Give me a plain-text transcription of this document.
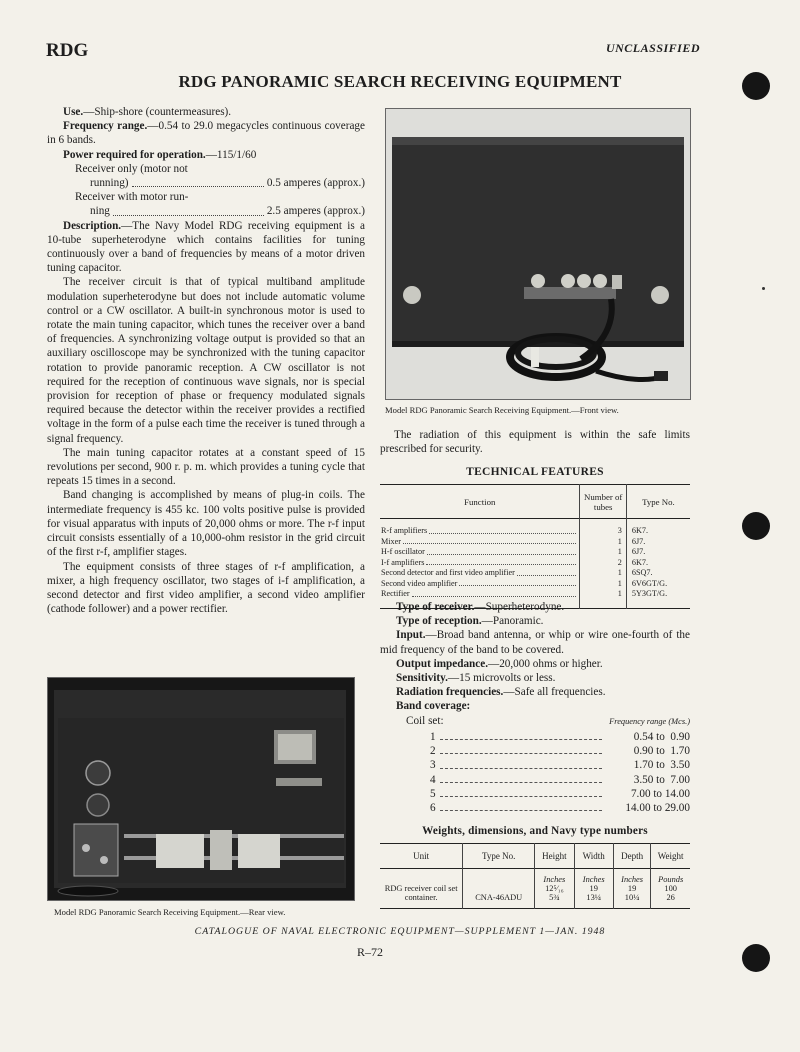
RDG	UNCLASSIFIED
RDG PANORAMIC SEARCH RECEIVING EQUIPMENT

Use.—Ship-shore (countermeasures).

Frequency range.—0.54 to 29.0 megacycles continuous coverage in 6 bands.

Power required for operation.—115/1/60

Receiver only (motor not
running)	0.5 amperes (approx.)
Receiver with motor run-
ning	2.5 amperes (approx.)

Description.—The Navy Model RDG receiving equipment is a 10-tube superheterodyne which contains facilities for tuning continuously over a band of frequencies by means of a motor driven tuning capacitor.

The receiver circuit is that of typical multiband amplitude modulation superheterodyne but does not include automatic volume control or a CW oscillator. A built-in synchronous motor is used to rotate the main tuning capacitor, which tunes the receiver over a band of frequencies. A synchronizing voltage output is provided so that an auxiliary oscilloscope may be synchronized with the tuning capacitor rotation to provide panoramic reception. A CW oscillator is not required for the reception of continuous wave signals, nor is special provision for reception of phase or frequency modulated signals required because the detector within the receiver provides a rectified voltage in the form of a pulse each time the receiver is tuned through a signal frequency.

The main tuning capacitor rotates at a constant speed of 15 revolutions per second, 900 r. p. m. which provides a tuning cycle that repeats 15 times in a second.

Band changing is accomplished by means of plug-in coils. The intermediate frequency is 455 kc. 100 volts positive pulse is provided for visual apparatus with inputs of 20,000 ohms or more. The r-f input circuit consists essentially of a 10,000-ohm resistor in the grid circuit of the first r-f, amplifier stages.

The equipment consists of three stages of r-f amplification, a mixer, a high frequency oscillator, two stages of i-f amplification, a second detector and first video amplifier, a second video amplifier (cathode follower) and a power rectifier.

Model RDG Panoramic Search Receiving Equipment.—Rear view.
Model RDG Panoramic Search Receiving Equipment.—Front view.
The radiation of this equipment is within the safe limits prescribed for security.
TECHNICAL FEATURES
Function	Number of tubes	Type No.

R-f amplifiers	3	6K7.

Mixer	1	6J7.

H-f oscillator	1	6J7.

I-f amplifiers	2	6K7.

Second detector and first video amplifier	1	6SQ7.

Second video amplifier	1	6V6GT/G.

Rectifier	1	5Y3GT/G.

Type of receiver.—Superheterodyne.

Type of reception.—Panoramic.

Input.—Broad band antenna, or whip or wire one-fourth of the mid frequency of the band to be covered.

Output impedance.—20,000 ohms or higher.

Sensitivity.—15 microvolts or less.

Radiation frequencies.—Safe all frequencies.

Band coverage:

Coil set:	Frequency range (Mcs.)
1	0.54 to  0.90
2	0.90 to  1.70
3	1.70 to  3.50
4	3.50 to  7.00
5	7.00 to 14.00
6	14.00 to 29.00
Weights, dimensions, and Navy type numbers
Unit	Type No.	Height	Width	Depth	Weight
RDG receiver coil set container.	CNA-46ADU	Inches
12⁵⁄₁₆
5¾	Inches
19
13¼	Inches
19
10¼	Pounds
100
26
CATALOGUE OF NAVAL ELECTRONIC EQUIPMENT—SUPPLEMENT 1—JAN. 1948
R–72
